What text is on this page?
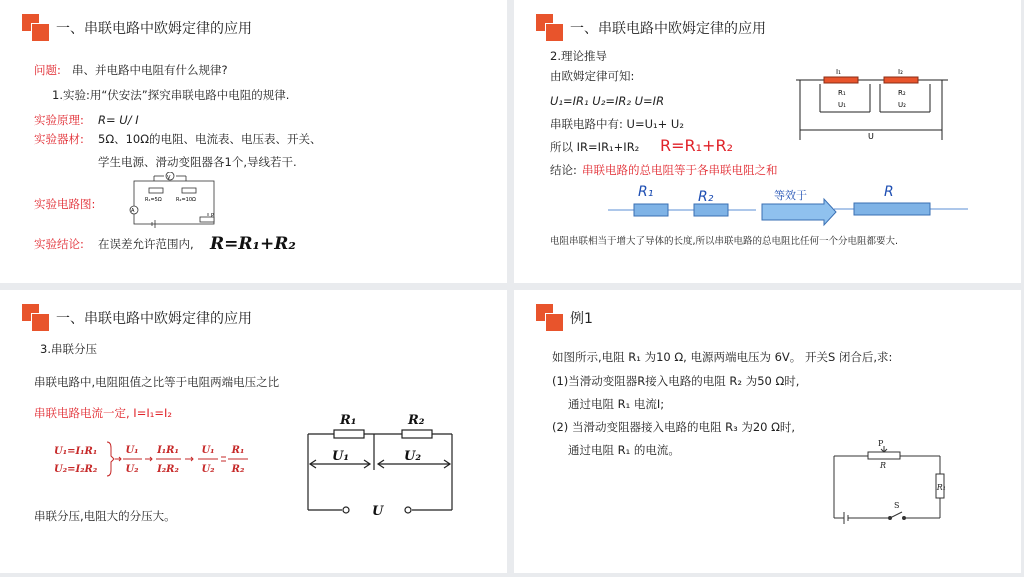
一、串联电路中欧姆定律的应用
问题: 串、并电路中电阻有什么规律?
1.实验:用“伏安法”探究串联电路中电阻的规律.
实验原理: R= U/ I
实验器材: 5Ω、10Ω的电阻、电流表、电压表、开关、
学生电源、滑动变阻器各1个,导线若干.
实验电路图:
V
A
R₁=5Ω	R₂=10Ω
P
实验结论: 在误差允许范围内, R=R₁+R₂
一、串联电路中欧姆定律的应用
2.理论推导
由欧姆定律可知:
U₁=IR₁ U₂=IR₂ U=IR
串联电路中有: U=U₁+ U₂
所以 IR=IR₁+IR₂ R=R₁+R₂
结论: 串联电路的总电阻等于各串联电阻之和
I₁	I₂
R₁
U₁
R₂
U₂
U
R₁	R₂	等效于	R
电阻串联相当于增大了导体的长度,所以串联电路的总电阻比任何一个分电阻都要大.
一、串联电路中欧姆定律的应用
3.串联分压
串联电路中,电阻阻值之比等于电阻两端电压之比
串联电路电流一定, I=I₁=I₂
U₁=I₁R₁
U₂=I₂R₂
U₁
U₂
I₁R₁
I₂R₂
U₁
U₂
R₁
R₂
串联分压,电阻大的分压大。
R₁	R₂
U₁	U₂
U
例1
如图所示,电阻 R₁ 为10 Ω, 电源两端电压为 6V。 开关S 闭合后,求:
(1)当滑动变阻器R接入电路的电阻 R₂ 为50 Ω时,
通过电阻 R₁ 电流I;
(2) 当滑动变阻器接入电路的电阻 R₃ 为20 Ω时,
通过电阻 R₁ 的电流。	P
R
R₁
S
